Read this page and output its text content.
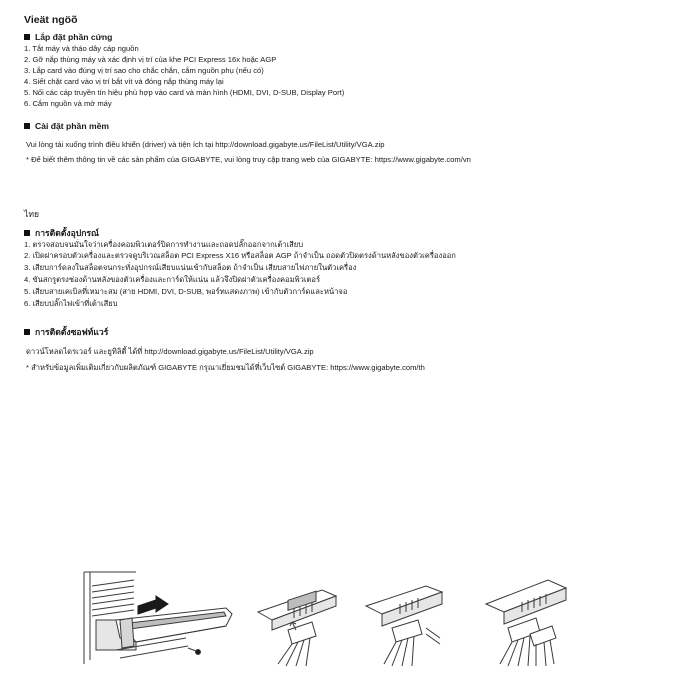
Vieät ngöõ
Lắp đặt phần cứng
1. Tắt máy và tháo dây cáp nguồn
2. Gỡ nắp thùng máy và xác định vị trí của khe PCI Express 16x hoặc AGP
3. Lắp card vào đúng vị trí sao cho chắc chắn, cắm nguồn phụ (nếu có)
4. Siết chặt card vào vị trí bắt vít và đóng nắp thùng máy lại
5. Nối các cáp truyền tín hiệu phù hợp vào card và màn hình (HDMI, DVI, D-SUB, Display Port)
6. Cắm nguồn và mở máy
Cài đặt phần mềm
Vui lòng tải xuống trình điều khiển (driver) và tiện ích tại http://download.gigabyte.us/FileList/Utility/VGA.zip
* Để biết thêm thông tin về các sản phẩm của GIGABYTE, vui lòng truy cập trang web của GIGABYTE: https://www.gigabyte.com/vn
ไทย
การติดตั้งอุปกรณ์
1. ตรวจสอบจนมั่นใจว่าเครื่องคอมพิวเตอร์ปิดการทำงานและถอดปลั๊กออกจากเต้าเสียบ
2. เปิดฝาครอบตัวเครื่องและตรวจดูบริเวณสล็อต PCI Express X16 หรือสล็อต AGP ถ้าจำเป็น ถอดตัวปิดตรงด้านหลังของตัวเครื่องออก
3. เสียบการ์ดลงในสล็อตจนกระทั่งอุปกรณ์เสียบแน่นเข้ากับสล็อต ถ้าจำเป็น เสียบสายไฟภายในตัวเครื่อง
4. ขันสกรูตรงช่องด้านหลังของตัวเครื่องและการ์ดให้แน่น แล้วจึงปิดฝาตัวเครื่องคอมพิวเตอร์
5. เสียบสายเคเบิลที่เหมาะสม (สาย HDMI, DVI, D-SUB, พอร์ทแสดงภาพ) เข้ากับตัวการ์ดและหน้าจอ
6. เสียบปลั๊กไฟเข้าที่เต้าเสียบ
การติดตั้งซอฟท์แวร์
ดาวน์โหลดไดรเวอร์ และยูทิลิตี้ ได้ที่ http://download.gigabyte.us/FileList/Utility/VGA.zip
* สำหรับข้อมูลเพิ่มเติมเกี่ยวกับผลิตภัณฑ์ GIGABYTE กรุณาเยี่ยมชมได้ที่เว็บไซต์ GIGABYTE: https://www.gigabyte.com/th
